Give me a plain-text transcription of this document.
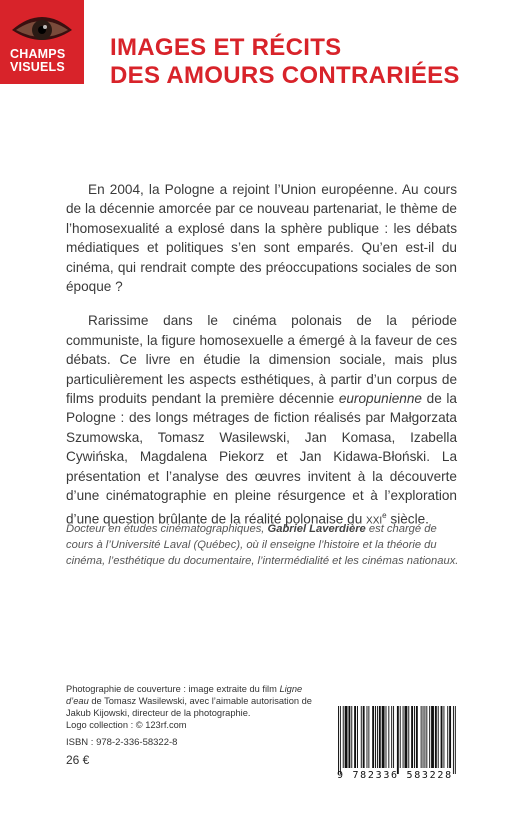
CHAMPS
VISUELS
IMAGES ET RÉCITS
DES AMOURS CONTRARIÉES

En 2004, la Pologne a rejoint l’Union européenne. Au cours de la décennie amorcée par ce nouveau partenariat, le thème de l’homosexualité a explosé dans la sphère publique : les débats médiatiques et politiques s’en sont emparés. Qu’en est-il du cinéma, qui rendrait compte des préoccupations sociales de son époque ?

Rarissime dans le cinéma polonais de la période communiste, la figure homosexuelle a émergé à la faveur de ces débats. Ce livre en étudie la dimension sociale, mais plus particulièrement les aspects esthétiques, à partir d’un corpus de films produits pendant la première décennie europunienne de la Pologne : des longs métrages de fiction réalisés par Małgorzata Szumowska, Tomasz Wasilewski, Jan Komasa, Izabella Cywińska, Magdalena Piekorz et Jan Kidawa-Błoński. La présentation et l’analyse des œuvres invitent à la découverte d’une cinématographie en pleine résurgence et à l’exploration d’une question brûlante de la réalité polonaise du xxi$^e$ siècle.

Docteur en études cinématographiques, Gabriel Laverdière est chargé de cours à l’Université Laval (Québec), où il enseigne l’histoire et la théorie du cinéma, l’esthétique du documentaire, l’intermédialité et les cinémas nationaux.
Photographie de couverture : image extraite du film Ligne d’eau de Tomasz Wasilewski, avec l’aimable autorisation de Jakub Kijowski, directeur de la photographie.
Logo collection : © 123rf.com
ISBN : 978-2-336-58322-8
26 €
9 782336 583228
